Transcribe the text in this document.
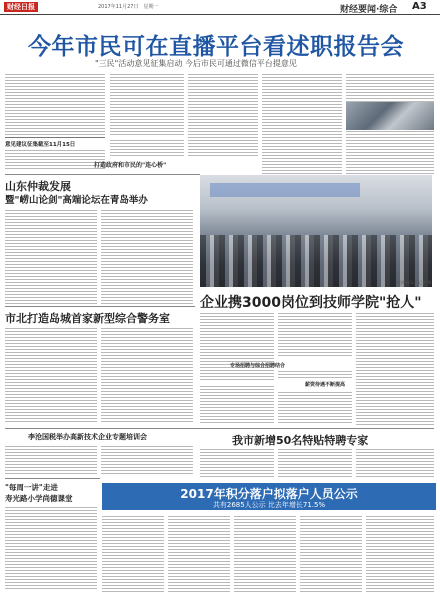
财经日报	2017年11月27日　星期一	财经要闻·综合 A3
今年市民可在直播平台看述职报告会
"三民"活动意见征集启动 今后市民可通过微信平台提意见
意见建议征集截至11月15日
打造政府和市民的"连心桥"
山东仲裁发展
暨"崂山论剑"高端论坛在青岛举办
招聘现场。记者 摄
企业携3000岗位到技师学院"抢人"
专场招聘与综合招聘结合
薪资待遇不断提高
市北打造岛城首家新型综合警务室
李沧国税举办高新技术企业专题培训会	我市新增50名特贴特聘专家
"每周一讲"走进
寿光路小学尚德课堂	2017年积分落户拟落户人员公示
共有2685人公示 比去年增长71.5%
